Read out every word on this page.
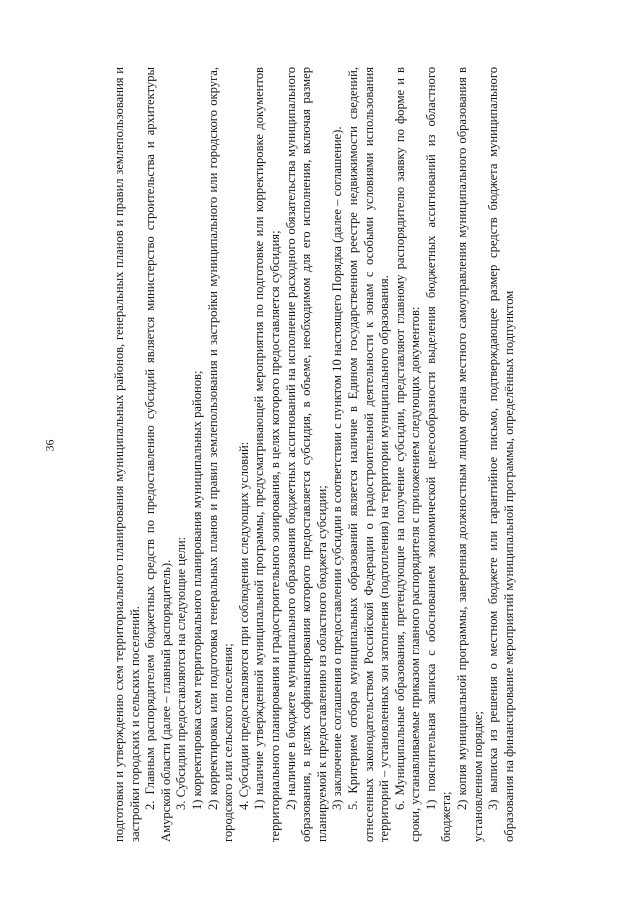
36	подготовки и утверждению схем территориального планирования муниципальных районов, генеральных планов и правил землепользования и застройки городских и сельских поселений. 2. Главным распорядителем бюджетных средств по предоставлению субсидий является министерство строительства и архитектуры Амурской области (далее – главный распорядитель). 3. Субсидии предоставляются на следующие цели: 1) корректировка схем территориального планирования муниципальных районов; 2) корректировка или подготовка генеральных планов и правил землепользования и застройки муниципального или городского округа, городского или сельского поселения; 4. Субсидии предоставляются при соблюдении следующих условий: 1) наличие утвержденной муниципальной программы, предусматривающей мероприятия по подготовке или корректировке документов территориального планирования и градостроительного зонирования, в целях которого предоставляется субсидия; 2) наличие в бюджете муниципального образования бюджетных ассигнований на исполнение расходного обязательства муниципального образования, в целях софинансирования которого предоставляется субсидия, в объеме, необходимом для его исполнения, включая размер планируемой к предоставлению из областного бюджета субсидии; 3) заключение соглашения о предоставлении субсидии в соответствии с пунктом 10 настоящего Порядка (далее – соглашение). 5. Критерием отбора муниципальных образований является наличие в Едином государственном реестре недвижимости сведений, отнесенных законодательством Российской Федерации о градостроительной деятельности к зонам с особыми условиями использования территорий – установленных зон затопления (подтопления) на территории муниципального образования. 6. Муниципальные образования, претендующие на получение субсидии, представляют главному распорядителю заявку по форме и в сроки, устанавливаемые приказом главного распорядителя с приложением следующих документов: 1) пояснительная записка с обоснованием экономической целесообразности выделения бюджетных ассигнований из областного бюджета;

2) копия муниципальной программы, заверенная должностным лицом органа местного самоуправления муниципального образования в установленном порядке; 3) выписка из решения о местном бюджете или гарантийное письмо, подтверждающее размер средств бюджета муниципального образования на финансирование мероприятий муниципальной программы, определённых подпунктом
